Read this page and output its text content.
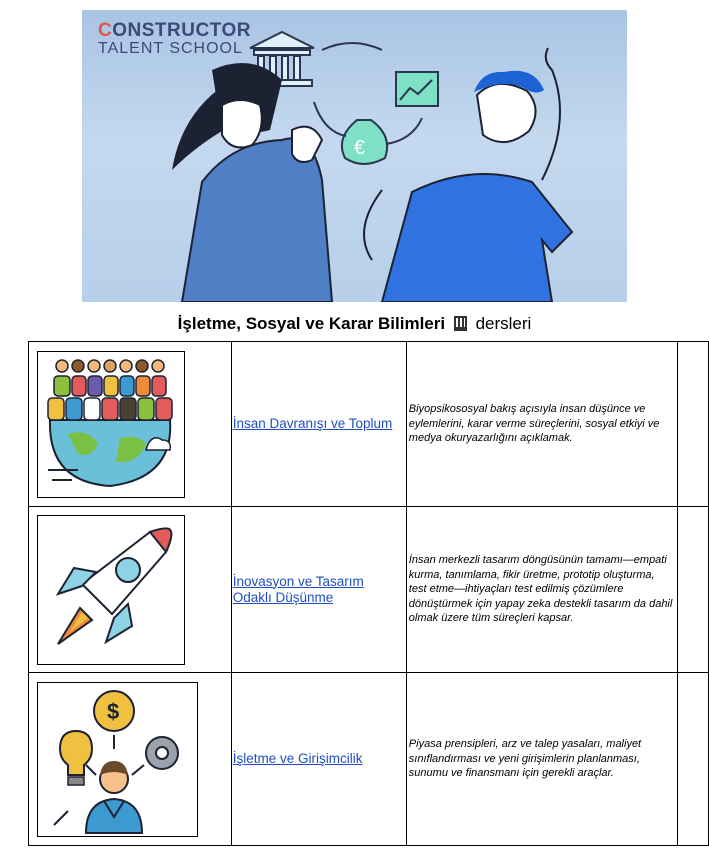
€
CONSTRUCTOR
TALENT SCHOOL
İşletme, Sosyal ve Karar Bilimleri dersleri

İnsan Davranışı ve Toplum	Biyopsikososyal bakış açısıyla insan düşünce ve eylemlerini, karar verme süreçlerini, sosyal etkiyi ve medya okuryazarlığını açıklamak.	

İnovasyon ve Tasarım Odaklı Düşünme	İnsan merkezli tasarım döngüsünün tamamı—empati kurma, tanımlama, fikir üretme, prototip oluşturma, test etme—ihtiyaçları test edilmiş çözümlere dönüştürmek için yapay zeka destekli tasarım da dahil olmak üzere tüm süreçleri kapsar.	

$	İşletme ve Girişimcilik	Piyasa prensipleri, arz ve talep yasaları, maliyet sınıflandırması ve yeni girişimlerin planlanması, sunumu ve finansmanı için gerekli araçlar.	
